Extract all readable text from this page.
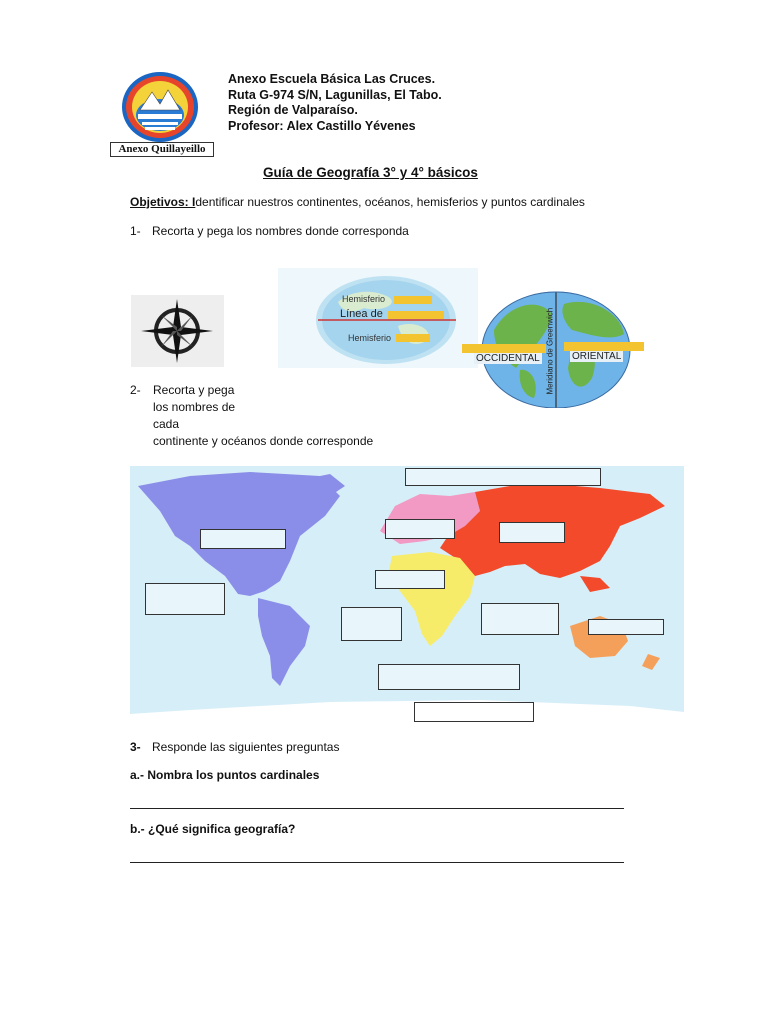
Anexo Quillayeillo
Anexo Escuela Básica Las Cruces.
Ruta G-974 S/N, Lagunillas, El Tabo.
Región de Valparaíso.
Profesor: Alex Castillo Yévenes
Guía de Geografía 3° y 4° básicos
Objetivos: Identificar nuestros continentes, océanos, hemisferios y puntos cardinales
1- Recorta y pega los nombres donde corresponda
Hemisferio
Línea de
Hemisferio
OCCIDENTAL	ORIENTAL
Meridiano de Greenwich
2- Recorta y pega
los nombres de
cada
continente y océanos donde corresponde
3- Responde las siguientes preguntas
a.- Nombra los puntos cardinales
b.- ¿Qué significa geografía?
